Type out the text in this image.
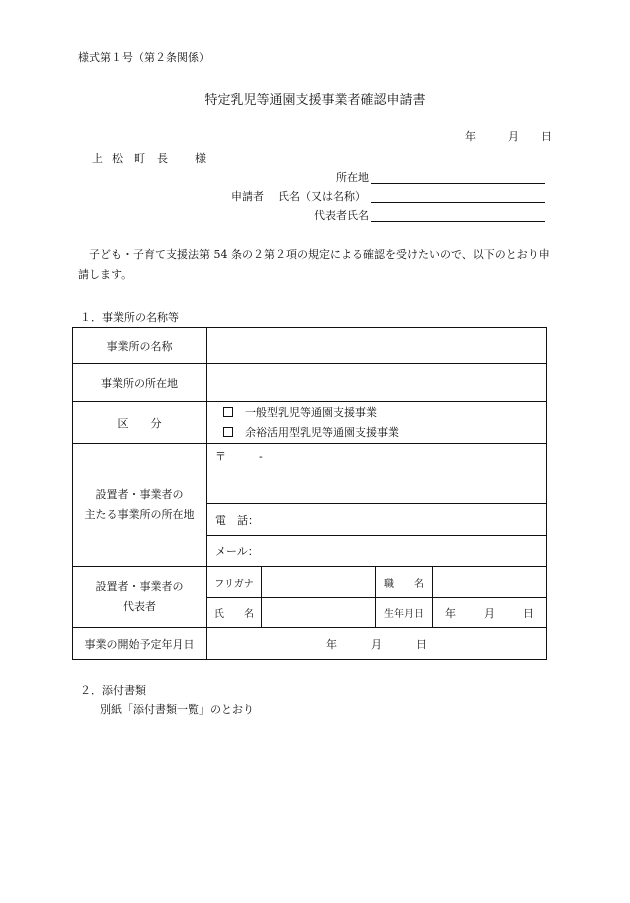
様式第１号（第２条関係）
特定乳児等通園支援事業者確認申請書
年	月 日
上 松 町 長 様
所在地
申請者 氏名（又は名称）
代表者氏名
子ども・子育て支援法第 54 条の２第２項の規定による確認を受けたいので、以下のとおり申請します。
１．事業所の名称等
事業所の名称				
事業所の所在地				
区　　分	一般型乳児等通園支援事業
余裕活用型乳児等通園支援事業			

設置者・事業者の
主たる事業所の所在地	〒　　　-			
	電　話：			
	メール：			

設置者・事業者の
代表者	フリガナ		職　　名	

	氏　　名		生年月日	年 月 日

事業の開始予定年月日	年 月 日			
２．添付書類
別紙「添付書類一覧」のとおり
